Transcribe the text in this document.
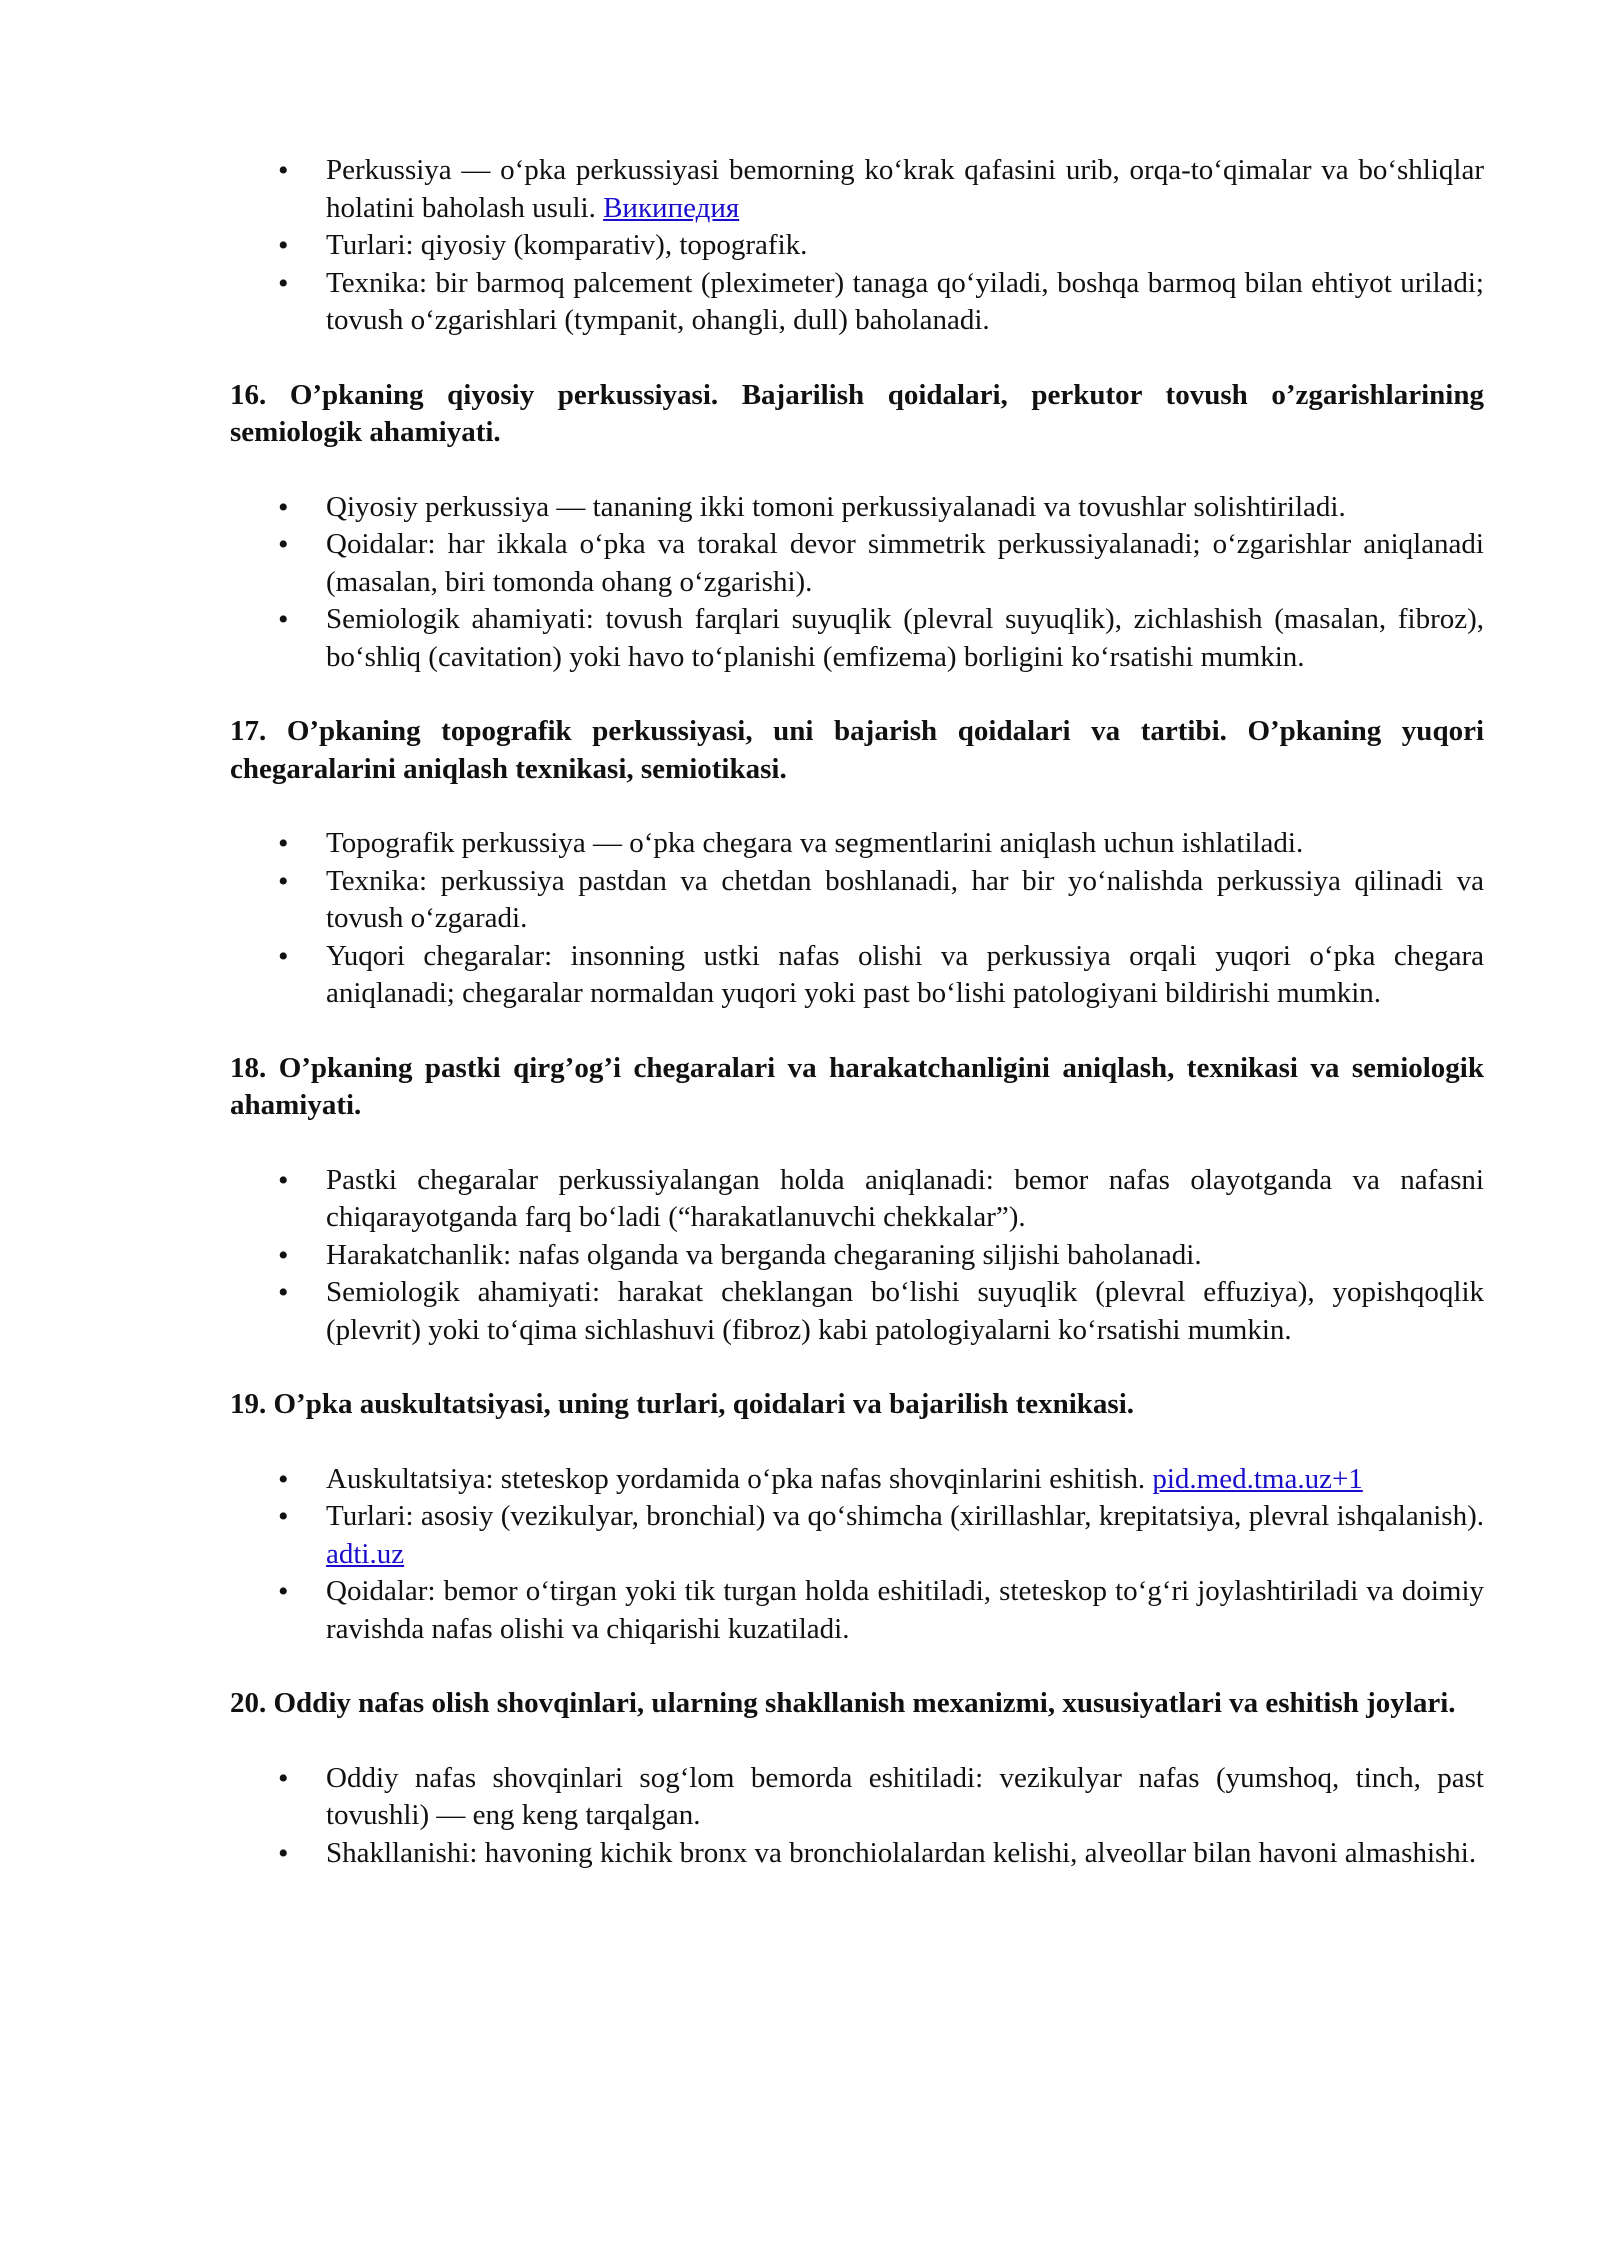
• Perkussiya — o‘pka perkussiyasi bemorning ko‘krak qafasini urib, orqa-to‘qimalar va bo‘shliqlar holatini baholash usuli. Википедия
• Turlari: qiyosiy (komparativ), topografik.
• Texnika: bir barmoq palcement (pleximeter) tanaga qo‘yiladi, boshqa barmoq bilan ehtiyot uriladi; tovush o‘zgarishlari (tympanit, ohangli, dull) baholanadi.
16. O’pkaning qiyosiy perkussiyasi. Bajarilish qoidalari, perkutor tovush o’zgarishlarining semiologik ahamiyati.
• Qiyosiy perkussiya — tananing ikki tomoni perkussiyalanadi va tovushlar solishtiriladi.
• Qoidalar: har ikkala o‘pka va torakal devor simmetrik perkussiyalanadi; o‘zgarishlar aniqlanadi (masalan, biri tomonda ohang o‘zgarishi).
• Semiologik ahamiyati: tovush farqlari suyuqlik (plevral suyuqlik), zichlashish (masalan, fibroz), bo‘shliq (cavitation) yoki havo to‘planishi (emfizema) borligini ko‘rsatishi mumkin.
17. O’pkaning topografik perkussiyasi, uni bajarish qoidalari va tartibi. O’pkaning yuqori chegaralarini aniqlash texnikasi, semiotikasi.
• Topografik perkussiya — o‘pka chegara va segmentlarini aniqlash uchun ishlatiladi.
• Texnika: perkussiya pastdan va chetdan boshlanadi, har bir yo‘nalishda perkussiya qilinadi va tovush o‘zgaradi.
• Yuqori chegaralar: insonning ustki nafas olishi va perkussiya orqali yuqori o‘pka chegara aniqlanadi; chegaralar normaldan yuqori yoki past bo‘lishi patologiyani bildirishi mumkin.
18. O’pkaning pastki qirg’og’i chegaralari va harakatchanligini aniqlash, texnikasi va semiologik ahamiyati.
• Pastki chegaralar perkussiyalangan holda aniqlanadi: bemor nafas olayotganda va nafasni chiqarayotganda farq bo‘ladi (“harakatlanuvchi chekkalar”).
• Harakatchanlik: nafas olganda va berganda chegaraning siljishi baholanadi.
• Semiologik ahamiyati: harakat cheklangan bo‘lishi suyuqlik (plevral effuziya), yopishqoqlik (plevrit) yoki to‘qima sichlashuvi (fibroz) kabi patologiyalarni ko‘rsatishi mumkin.
19. O’pka auskultatsiyasi, uning turlari, qoidalari va bajarilish texnikasi.
• Auskultatsiya: steteskop yordamida o‘pka nafas shovqinlarini eshitish. pid.med.tma.uz+1
• Turlari: asosiy (vezikulyar, bronchial) va qo‘shimcha (xirillashlar, krepitatsiya, plevral ishqalanish). adti.uz
• Qoidalar: bemor o‘tirgan yoki tik turgan holda eshitiladi, steteskop to‘g‘ri joylashtiriladi va doimiy ravishda nafas olishi va chiqarishi kuzatiladi.
20. Oddiy nafas olish shovqinlari, ularning shakllanish mexanizmi, xususiyatlari va eshitish joylari.
• Oddiy nafas shovqinlari sog‘lom bemorda eshitiladi: vezikulyar nafas (yumshoq, tinch, past tovushli) — eng keng tarqalgan.
• Shakllanishi: havoning kichik bronx va bronchiolalardan kelishi, alveollar bilan havoni almashishi.
